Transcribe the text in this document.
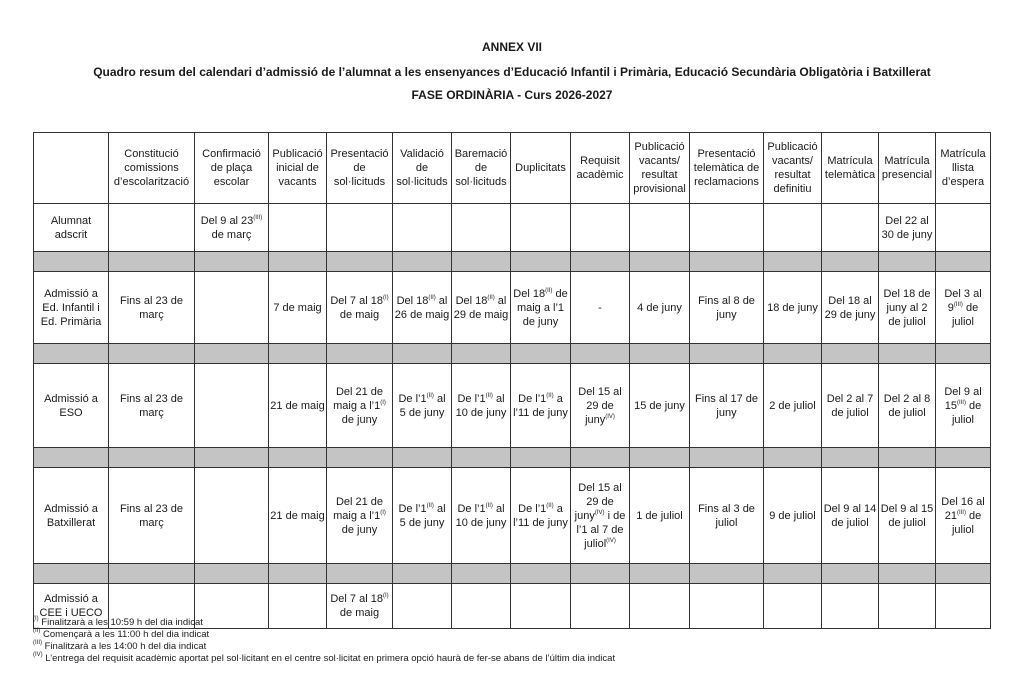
ANNEX VII
Quadro resum del calendari d’admissió de l’alumnat a les ensenyances d’Educació Infantil i Primària, Educació Secundària Obligatòria i Batxillerat
FASE ORDINÀRIA - Curs 2026-2027
	Constitució comissions d’escolarització	Confirmació de plaça escolar	Publicació inicial de vacants	Presentació de sol·licituds	Validació de sol·licituds	Baremació de sol·licituds	Duplicitats	Requisit acadèmic	Publicació vacants/ resultat provisional	Presentació telemàtica de reclamacions	Publicació vacants/ resultat definitiu	Matrícula telemàtica	Matrícula presencial	Matrícula llista d’espera
Alumnat adscrit		Del 9 al $23^{(III)}$ de març											Del 22 al 30 de juny	

Admissió a Ed. Infantil i Ed. Primària	Fins al 23 de març		7 de maig	Del 7 al $18^{(I)}$ de maig	Del $18^{(II)}$ al 26 de maig	Del $18^{(II)}$ al 29 de maig	Del $18^{(II)}$ de maig a l’1 de juny	-	4 de juny	Fins al 8 de juny	18 de juny	Del 18 al 29 de juny	Del 18 de juny al 2 de juliol	Del 3 al $9^{(III)}$ de juliol

Admissió a ESO	Fins al 23 de març		21 de maig	Del 21 de maig a $l’1^{(I)}$ de juny	De $l’1^{(II)}$ al 5 de juny	De $l’1^{(II)}$ al 10 de juny	De $l’1^{(II)}$ a l’11 de juny	Del 15 al 29 de juny$^{(IV)}$	15 de juny	Fins al 17 de juny	2 de juliol	Del 2 al 7 de juliol	Del 2 al 8 de juliol	Del 9 al $15^{(III)}$ de juliol

Admissió a Batxillerat	Fins al 23 de març		21 de maig	Del 21 de maig a $l’1^{(I)}$ de juny	De $l’1^{(II)}$ al 5 de juny	De $l’1^{(II)}$ al 10 de juny	De $l’1^{(II)}$ a l’11 de juny	Del 15 al 29 de juny$^{(IV)}$ i de l’1 al 7 de juliol$^{(IV)}$	1 de juliol	Fins al 3 de juliol	9 de juliol	Del 9 al 14 de juliol	Del 9 al 15 de juliol	Del 16 al $21^{(III)}$ de juliol

Admissió a CEE i UECO				Del 7 al $18^{(I)}$ de maig										
$^{(I)}$ Finalitzarà a les 10:59 h del dia indicat
$^{(II)}$ Començarà a les 11:00 h del dia indicat
$^{(III)}$ Finalitzarà a les 14:00 h del dia indicat
$^{(IV)}$ L’entrega del requisit acadèmic aportat pel sol·licitant en el centre sol·licitat en primera opció haurà de fer-se abans de l’últim dia indicat
